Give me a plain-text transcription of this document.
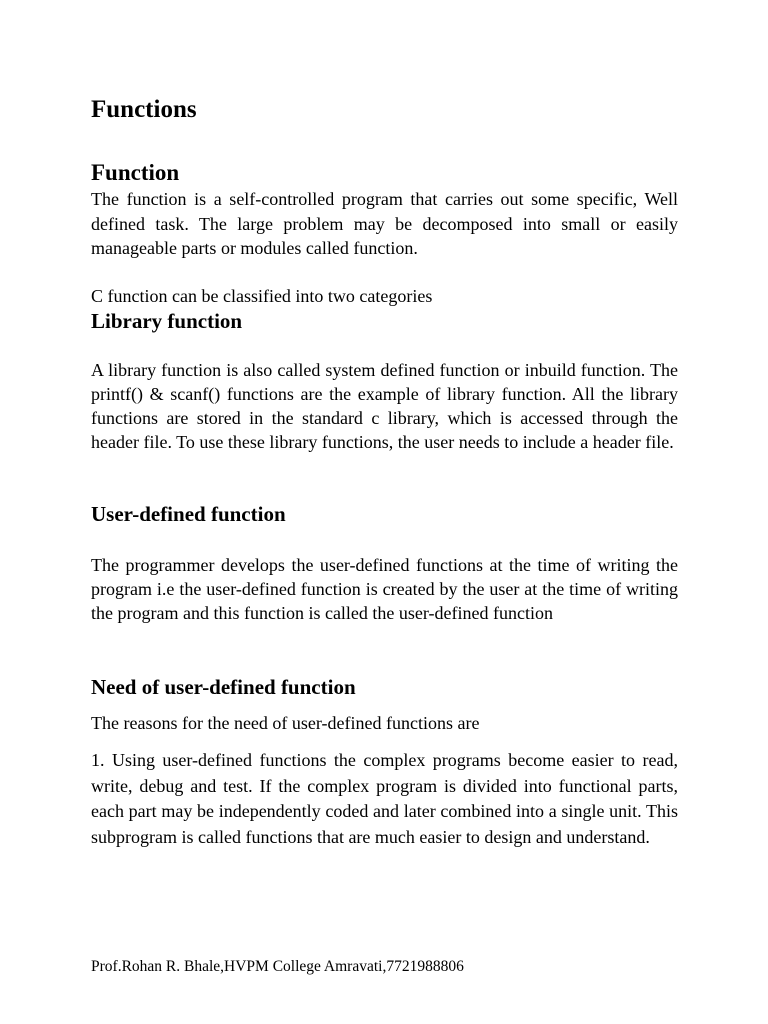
Functions
Function

The function is a self-controlled program that carries out some specific, Well defined task. The large problem may be decomposed into small or easily manageable parts or modules called function.

C function can be classified into two categories

Library function

A library function is also called system defined function or inbuild function. The printf() & scanf() functions are the example of library function. All the library functions are stored in the standard c library, which is accessed through the header file. To use these library functions, the user needs to include a header file.

User-defined function

The programmer develops the user-defined functions at the time of writing the program i.e the user-defined function is created by the user at the time of writing the program and this function is called the user-defined function

Need of user-defined function

The reasons for the need of user-defined functions are

1. Using user-defined functions the complex programs become easier to read, write, debug and test. If the complex program is divided into functional parts, each part may be independently coded and later combined into a single unit. This subprogram is called functions that are much easier to design and understand.

Prof.Rohan R. Bhale,HVPM College Amravati,7721988806
